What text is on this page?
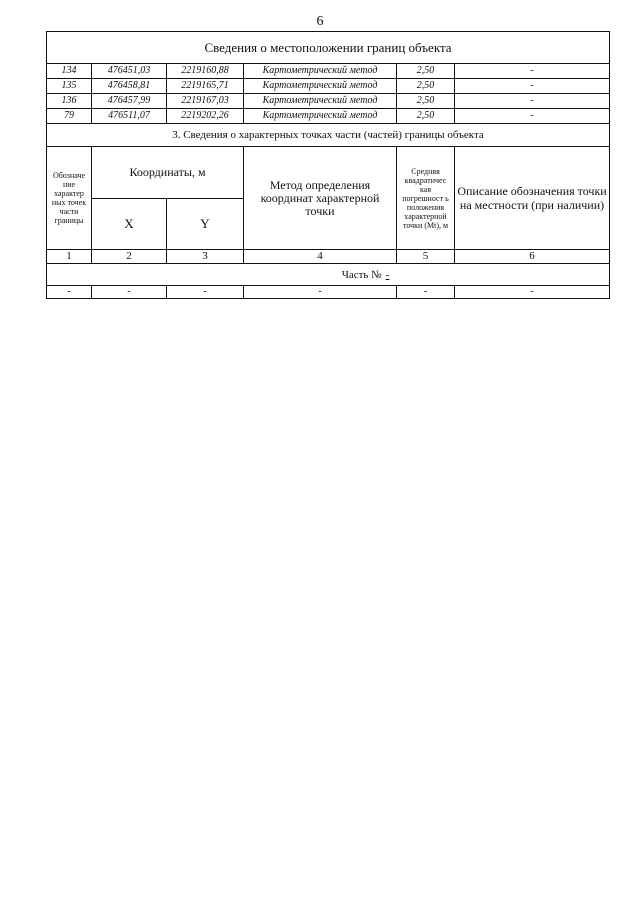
6
Сведения о местоположении границ объекта					
134	476451,03	2219160,88	Картометрический метод	2,50	-
135	476458,81	2219165,71	Картометрический метод	2,50	-
136	476457,99	2219167,03	Картометрический метод	2,50	-
79	476511,07	2219202,26	Картометрический метод	2,50	-
3. Сведения о характерных точках части (частей) границы объекта					
Обозначе ние характер ных точек части границы	Координаты, м		Метод определения координат характерной точки	Средняя квадратичес кая погрешност ь положения характерной точки (Mt), м	Описание обозначения точки на местности (при наличии)
	X	Y			
1	2	3	4	5	6
Часть № -					
-	-	-	-	-	-
